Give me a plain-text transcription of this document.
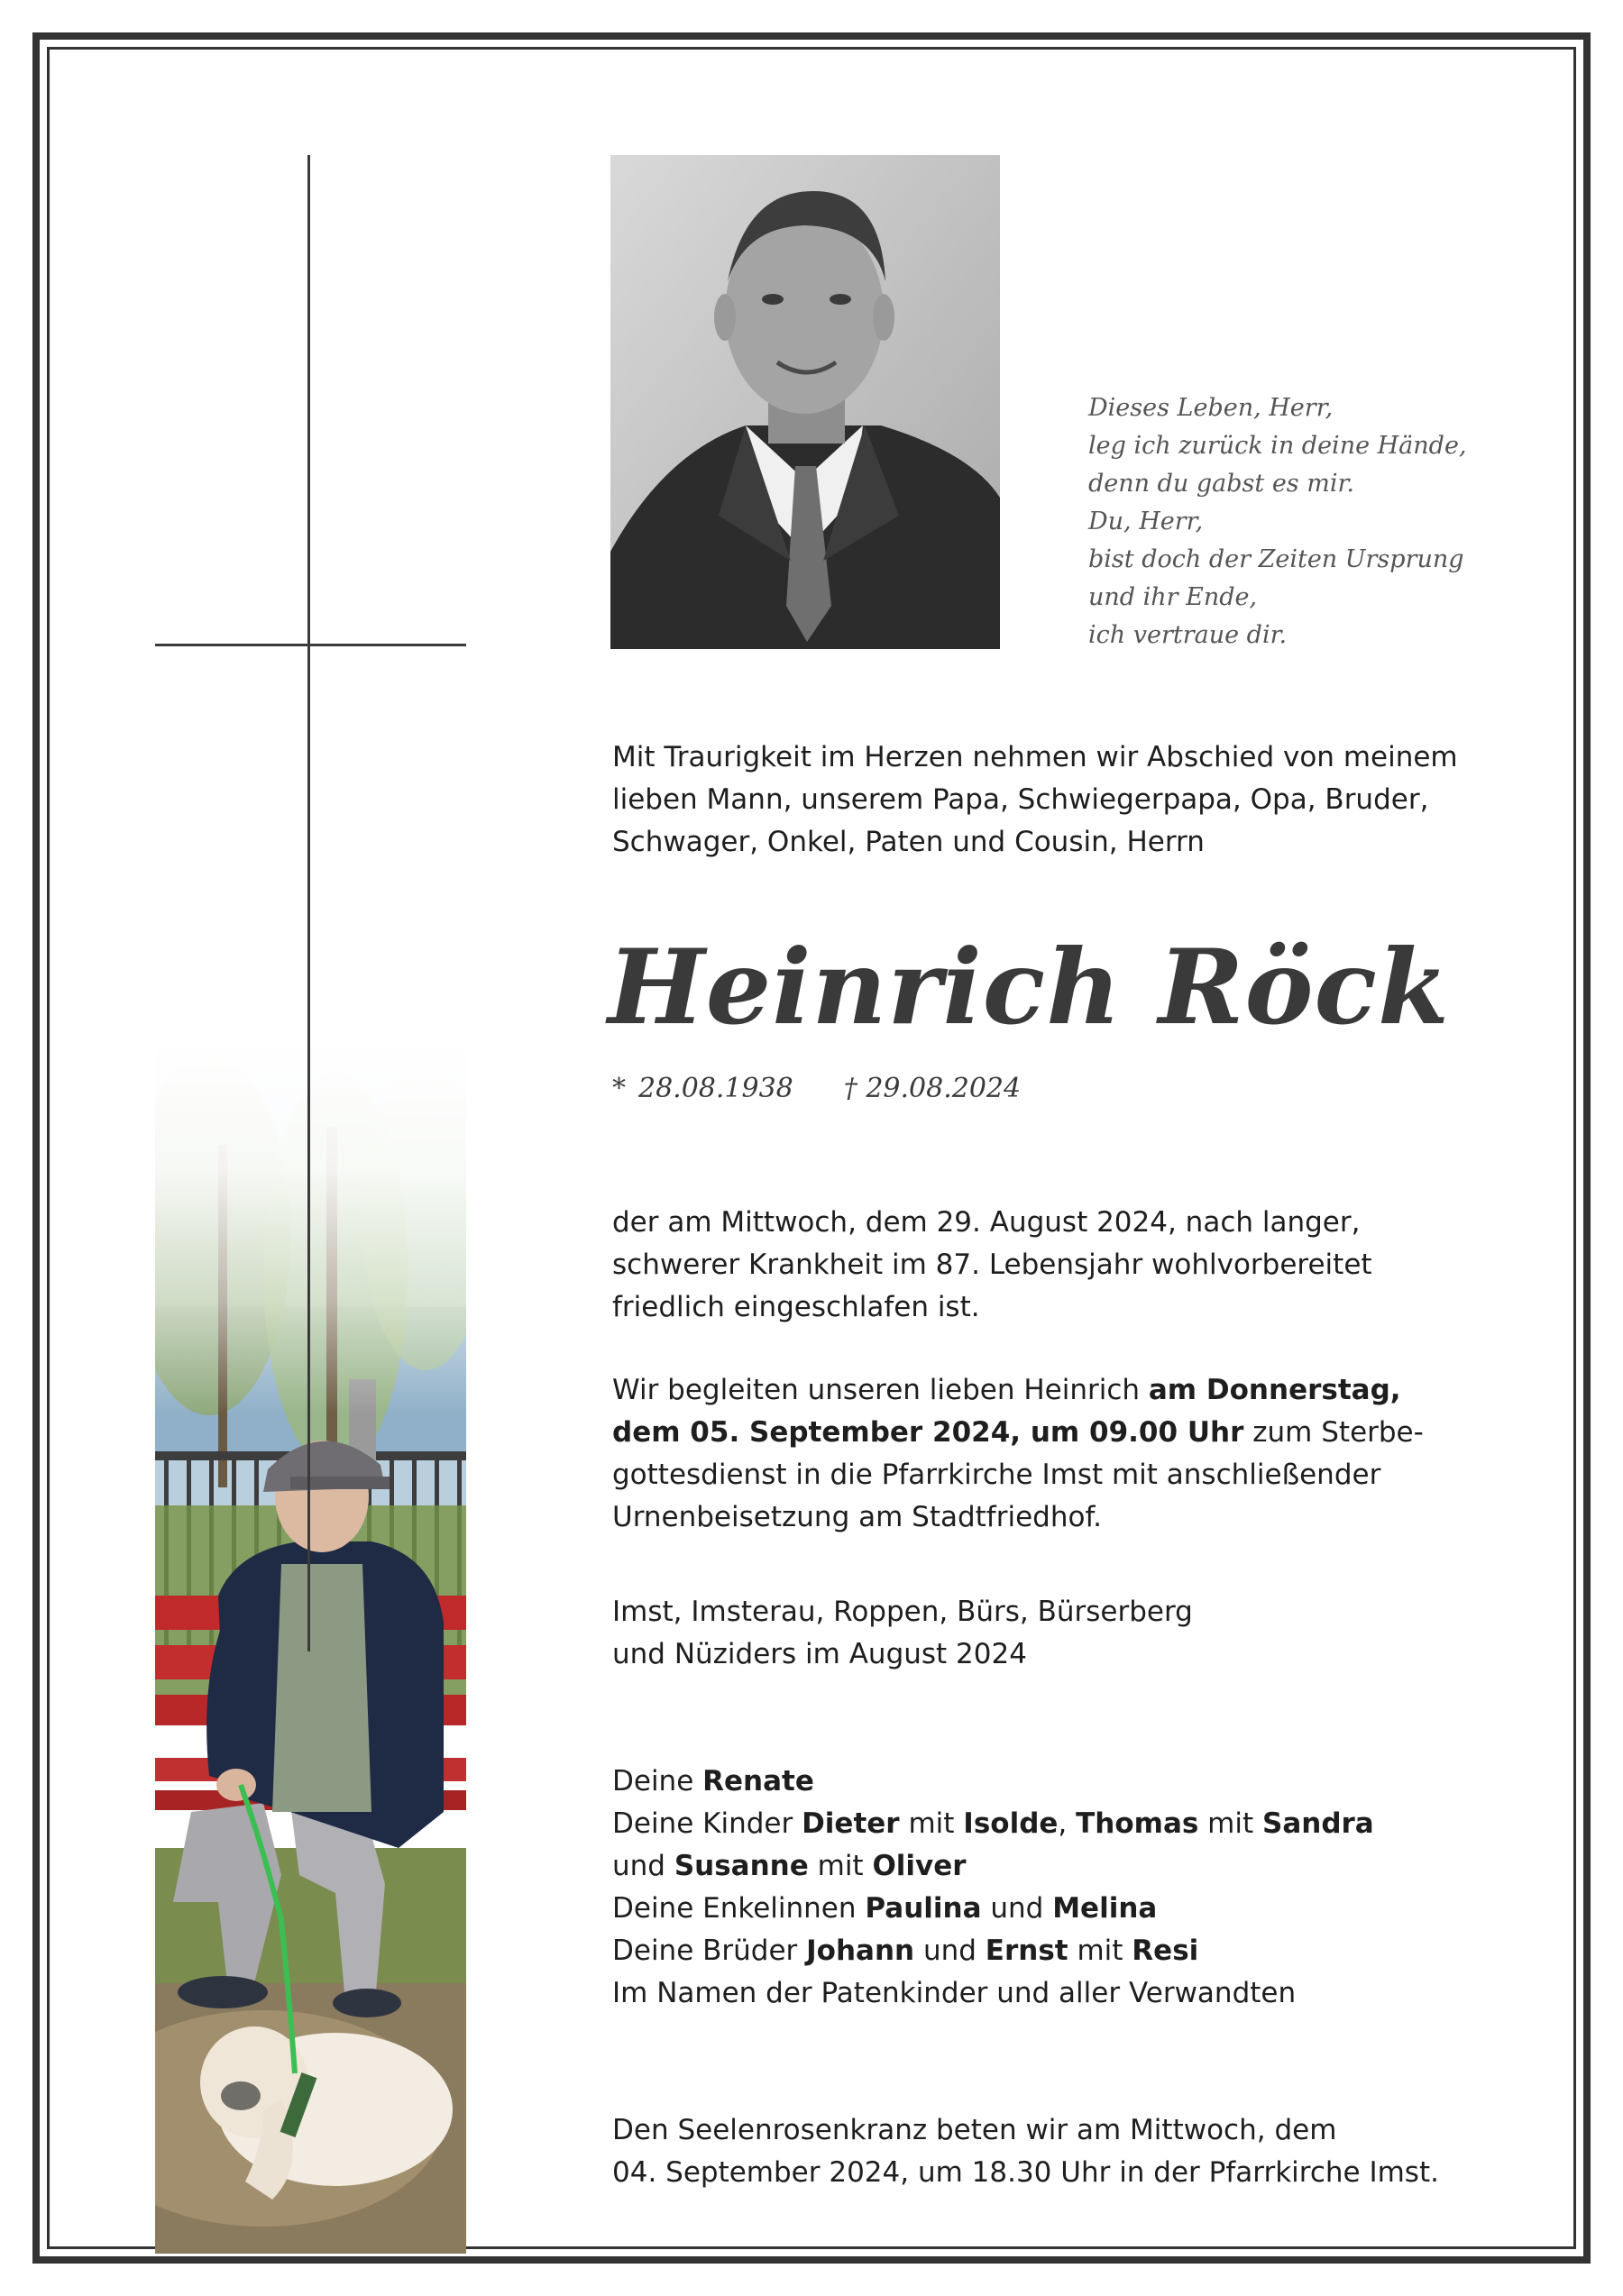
Dieses Leben, Herr,
leg ich zurück in deine Hände,
denn du gabst es mir.
Du, Herr,
bist doch der Zeiten Ursprung
und ihr Ende,
ich vertraue dir.
Mit Traurigkeit im Herzen nehmen wir Abschied von meinem
lieben Mann, unserem Papa, Schwiegerpapa, Opa, Bruder,
Schwager, Onkel, Paten und Cousin, Herrn
Heinrich Röck
* 28.08.1938 † 29.08.2024
der am Mittwoch, dem 29. August 2024, nach langer,
schwerer Krankheit im 87. Lebensjahr wohlvorbereitet
friedlich eingeschlafen ist.
Wir begleiten unseren lieben Heinrich am Donnerstag,
dem 05. September 2024, um 09.00 Uhr zum Sterbe-
gottesdienst in die Pfarrkirche Imst mit anschließender
Urnenbeisetzung am Stadtfriedhof.
Imst, Imsterau, Roppen, Bürs, Bürserberg
und Nüziders im August 2024
Deine Renate
Deine Kinder Dieter mit Isolde, Thomas mit Sandra
und Susanne mit Oliver
Deine Enkelinnen Paulina und Melina
Deine Brüder Johann und Ernst mit Resi
Im Namen der Patenkinder und aller Verwandten
Den Seelenrosenkranz beten wir am Mittwoch, dem
04. September 2024, um 18.30 Uhr in der Pfarrkirche Imst.
